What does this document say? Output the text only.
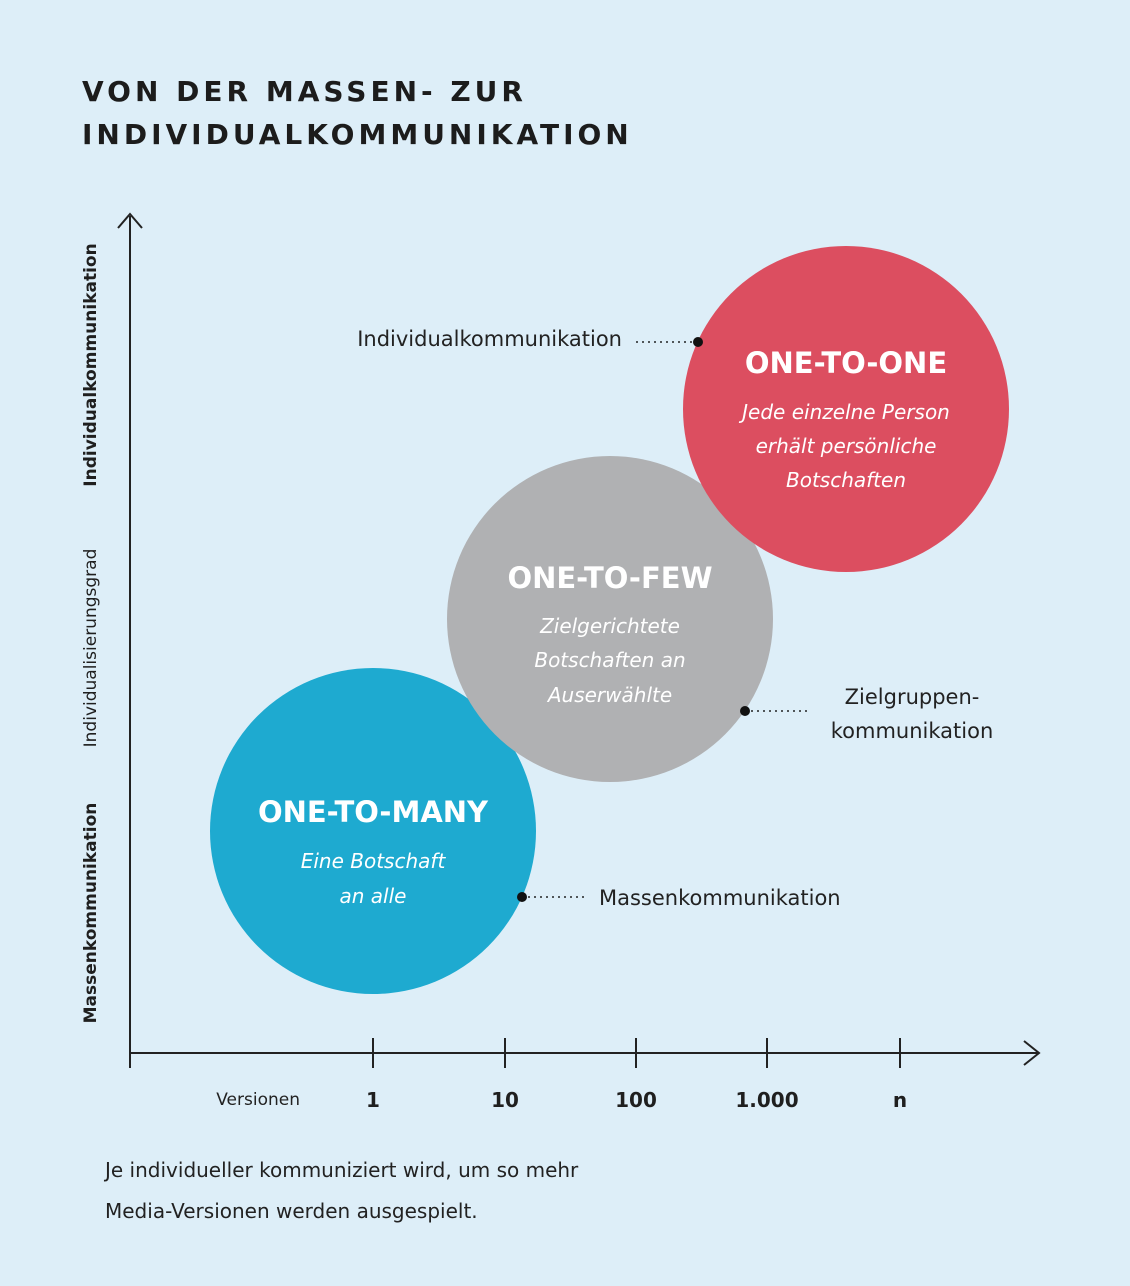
VON DER MASSEN- ZUR
INDIVIDUALKOMMUNIKATION
1	10	100	1.000	n
Versionen
Individualkommunikation
Individualisierungsgrad
Massenkommunikation	ONE-TO-MANY
Eine Botschaft
an alle
ONE-TO-FEW
Zielgerichtete
Botschaften an
Auserwählte
ONE-TO-ONE
Jede einzelne Person
erhält persönliche
Botschaften
Massenkommunikation
Zielgruppen-
kommunikation
Individualkommunikation

Je individueller kommuniziert wird, um so mehr
Media-Versionen werden ausgespielt.
